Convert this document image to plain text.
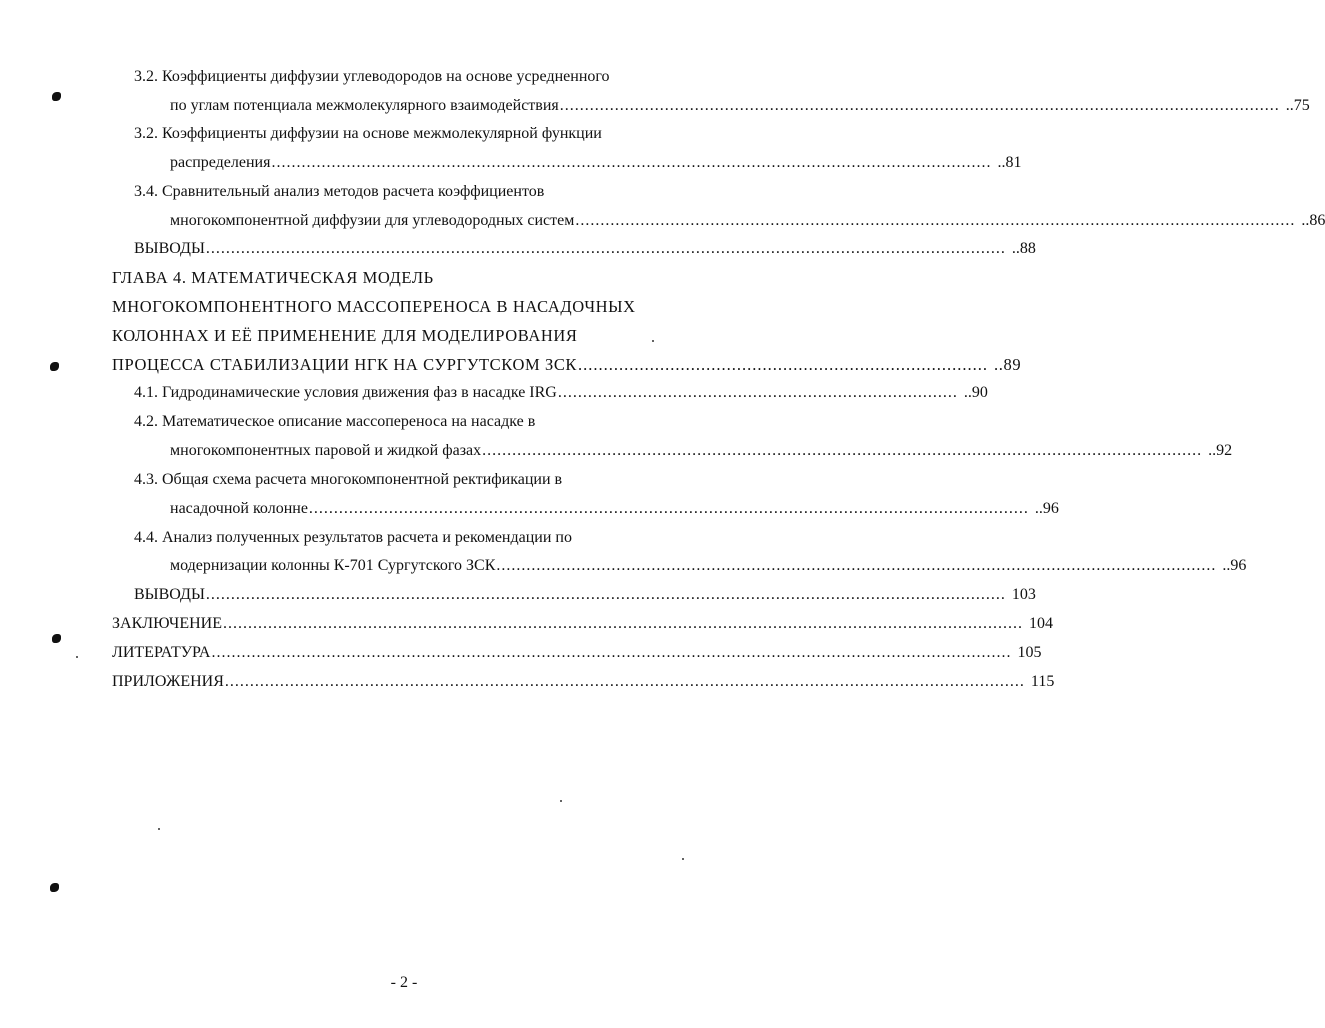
3.2. Коэффициенты диффузии углеводородов на основе усредненного
по углам потенциала межмолекулярного взаимодействия ................................................................................................................................................ ..75
3.2. Коэффициенты диффузии на основе межмолекулярной функции
распределения ................................................................................................................................................ ..81
3.4. Сравнительный анализ методов расчета коэффициентов
многокомпонентной диффузии для углеводородных систем ................................................................................................................................................ ..86
ВЫВОДЫ ................................................................................................................................................................ ..88
ГЛАВА 4. МАТЕМАТИЧЕСКАЯ МОДЕЛЬ
МНОГОКОМПОНЕНТНОГО МАССОПЕРЕНОСА В НАСАДОЧНЫХ
КОЛОННАХ И ЕЁ ПРИМЕНЕНИЕ ДЛЯ МОДЕЛИРОВАНИЯ
ПРОЦЕССА СТАБИЛИЗАЦИИ НГК НА СУРГУТСКОМ ЗСК ................................................................................ ..89
4.1. Гидродинамические условия движения фаз в насадке IRG ................................................................................ ..90
4.2. Математическое описание массопереноса на насадке в
многокомпонентных паровой и жидкой фазах ................................................................................................................................................ ..92
4.3. Общая схема расчета многокомпонентной ректификации в
насадочной колонне ................................................................................................................................................ ..96
4.4. Анализ полученных результатов расчета и рекомендации по
модернизации колонны К-701 Сургутского ЗСК ................................................................................................................................................ ..96
ВЫВОДЫ ................................................................................................................................................................ 103
ЗАКЛЮЧЕНИЕ ................................................................................................................................................................ 104
ЛИТЕРАТУРА ................................................................................................................................................................ 105
ПРИЛОЖЕНИЯ ................................................................................................................................................................ 115
- 2 -
